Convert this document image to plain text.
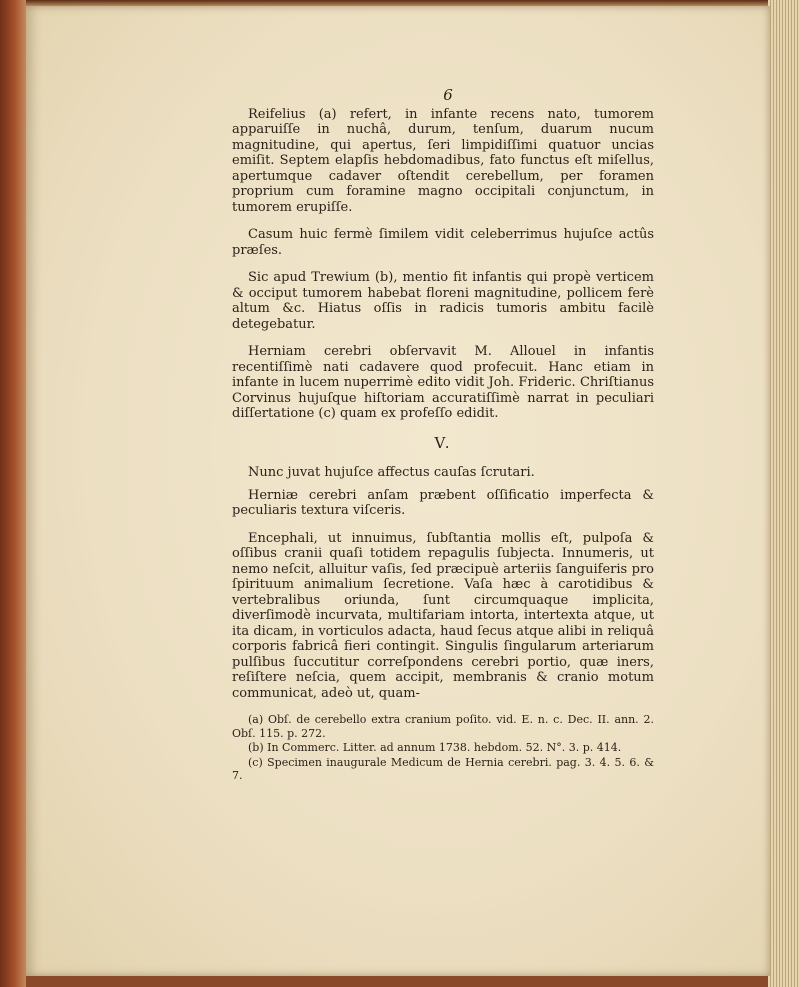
6

Reifelius (a) refert, in infante recens nato, tumorem apparuiſſe in nuchâ, durum, tenſum, duarum nucum magnitudine, qui apertus, ſeri limpidiſſimi quatuor uncias emiſit. Septem elapſis hebdomadibus, fato functus eſt miſellus, apertumque cadaver oſtendit cerebellum, per foramen proprium cum foramine magno occipitali conjunctum, in tumorem erupiſſe.

Casum huic fermè ſimilem vidit celeberrimus hujuſce actûs præſes.

Sic apud Trewium (b), mentio fit infantis qui propè verticem & occiput tumorem habebat floreni magnitudine, pollicem ferè altum &c. Hiatus oſſis in radicis tumoris ambitu facilè detegebatur.

Herniam cerebri obſervavit M. Allouel in infantis recentiſſimè nati cadavere quod profecuit. Hanc etiam in infante in lucem nuperrimè edito vidit Joh. Frideric. Chriſtianus Corvinus hujuſque hiſtoriam accuratiſſimè narrat in peculiari diſſertatione (c) quam ex profeſſo edidit.

V.

Nunc juvat hujuſce affectus cauſas ſcrutari.

Herniæ cerebri anſam præbent oſſificatio imperfecta & peculiaris textura viſceris.

Encephali, ut innuimus, ſubſtantia mollis eſt, pulpoſa & oſſibus cranii quaſi totidem repagulis ſubjecta. Innumeris, ut nemo neſcit, alluitur vaſis, ſed præcipuè arteriis ſanguiferis pro ſpirituum animalium ſecretione. Vaſa hæc à carotidibus & vertebralibus oriunda, ſunt circumquaque implicita, diverſimodè incurvata, multifariam intorta, intertexta atque, ut ita dicam, in vorticulos adacta, haud ſecus atque alibi in reliquâ corporis fabricâ fieri contingit. Singulis ſingularum arteriarum pulſibus ſuccutitur correſpondens cerebri portio, quæ iners, reſiſtere neſcia, quem accipit, membranis & cranio motum communicat, adeò ut, quam-

(a) Obſ. de cerebello extra cranium poſito. vid. E. n. c. Dec. II. ann. 2. Obſ. 115. p. 272.

(b) In Commerc. Litter. ad annum 1738. hebdom. 52. N°. 3. p. 414.

(c) Specimen inaugurale Medicum de Hernia cerebri. pag. 3. 4. 5. 6. & 7.
